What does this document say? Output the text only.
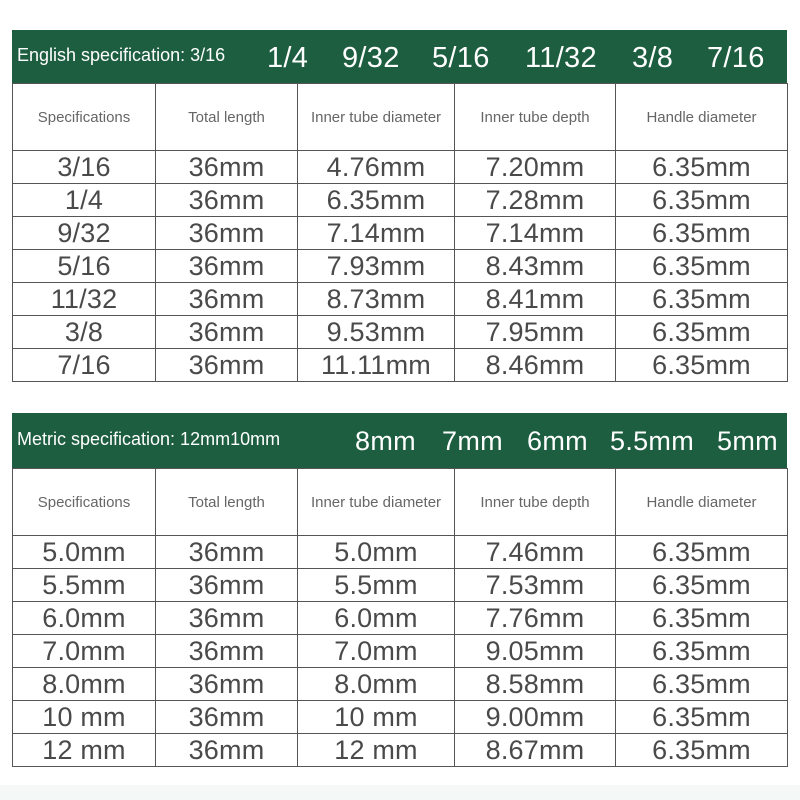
English specification: 3/16 1/4 9/32 5/16 11/32 3/8 7/16
Specifications	Total length	Inner tube diameter	Inner tube depth	Handle diameter
3/16	36mm	4.76mm	7.20mm	6.35mm
1/4	36mm	6.35mm	7.28mm	6.35mm
9/32	36mm	7.14mm	7.14mm	6.35mm
5/16	36mm	7.93mm	8.43mm	6.35mm
11/32	36mm	8.73mm	8.41mm	6.35mm
3/8	36mm	9.53mm	7.95mm	6.35mm
7/16	36mm	11.11mm	8.46mm	6.35mm
Metric specification: 12mm10mm	8mm 7mm 6mm 5.5mm 5mm
Specifications	Total length	Inner tube diameter	Inner tube depth	Handle diameter
5.0mm	36mm	5.0mm	7.46mm	6.35mm
5.5mm	36mm	5.5mm	7.53mm	6.35mm
6.0mm	36mm	6.0mm	7.76mm	6.35mm
7.0mm	36mm	7.0mm	9.05mm	6.35mm
8.0mm	36mm	8.0mm	8.58mm	6.35mm
10 mm	36mm	10 mm	9.00mm	6.35mm
12 mm	36mm	12 mm	8.67mm	6.35mm
